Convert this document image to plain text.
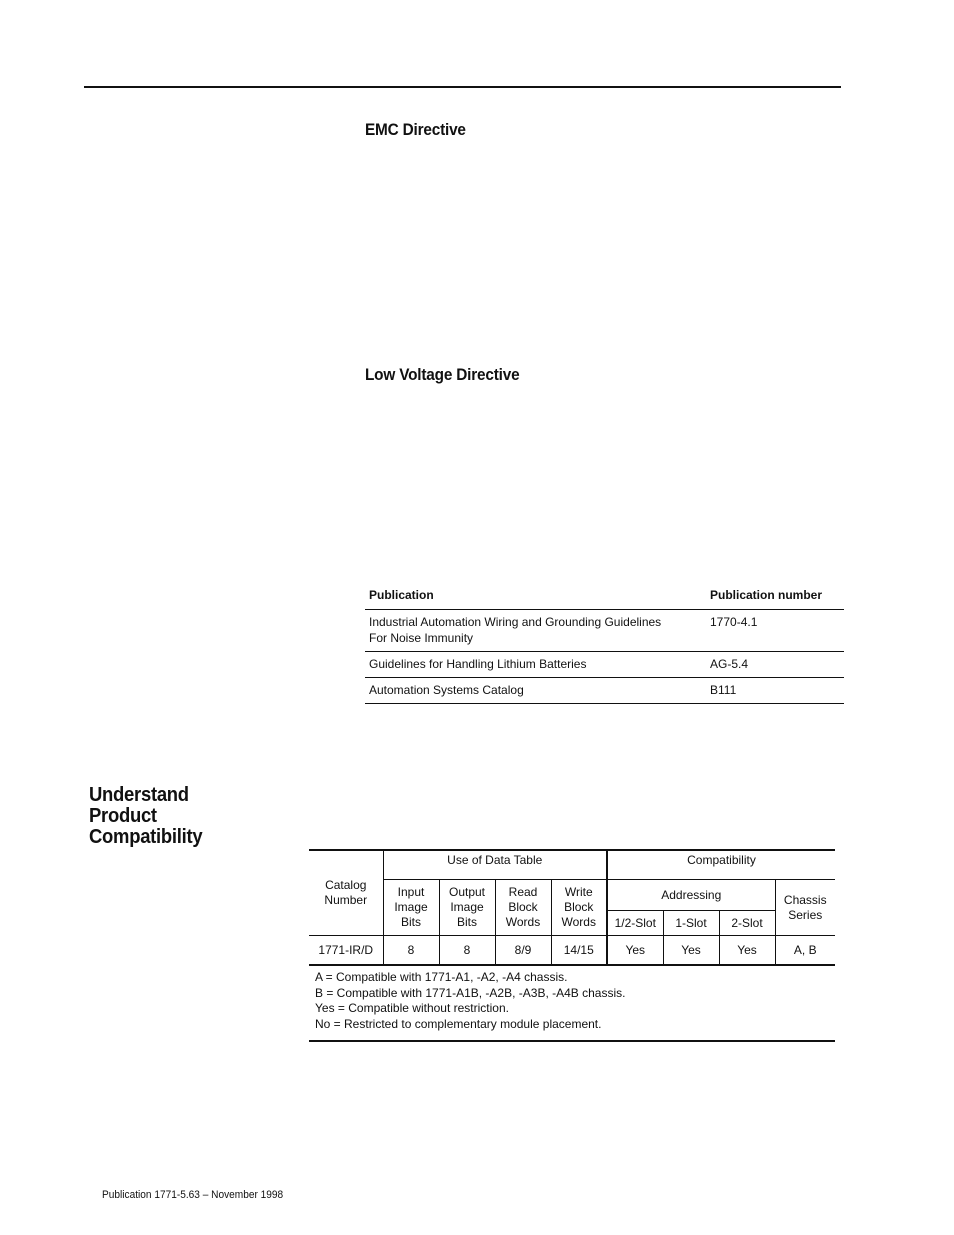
EMC Directive
Low Voltage Directive
Publication	Publication number

Industrial Automation Wiring and Grounding Guidelines For Noise Immunity	1770-4.1
Guidelines for Handling Lithium Batteries	AG-5.4
Automation Systems Catalog	B111
Understand Product Compatibility
Catalog Number	Use of Data Table				Compatibility			

	Input Image Bits	Output Image Bits	Read Block Words	Write Block Words	Addressing			Chassis Series

					1/2-Slot	1-Slot	2-Slot	
1771-IR/D	8	8	8/9	14/15	Yes	Yes	Yes	A, B

A = Compatible with 1771-A1, -A2, -A4 chassis.
B = Compatible with 1771-A1B, -A2B, -A3B, -A4B chassis.
Yes = Compatible without restriction.
No = Restricted to complementary module placement.								
Publication 1771-5.63 – November 1998
